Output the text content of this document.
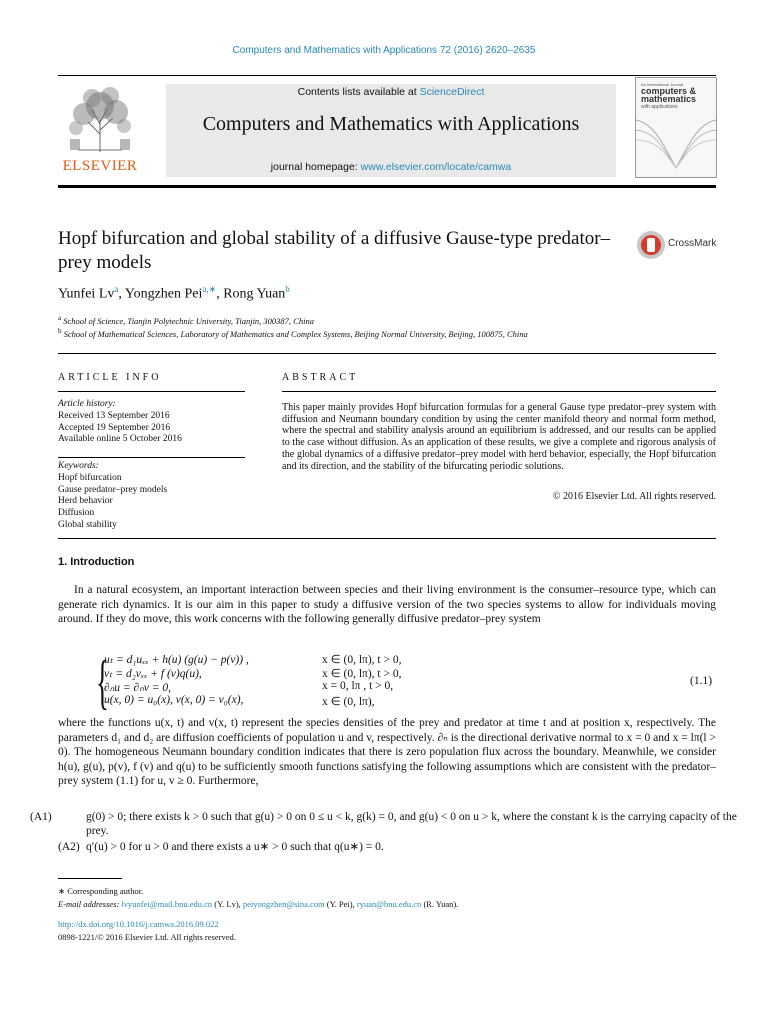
Computers and Mathematics with Applications 72 (2016) 2620–2635
ELSEVIER
Contents lists available at ScienceDirect
Computers and Mathematics with Applications
journal homepage: www.elsevier.com/locate/camwa
An International Journal
computers &
mathematics
with applications
Hopf bifurcation and global stability of a diffusive Gause-type predator–prey models
CrossMark
Yunfei Lv$^a$, Yongzhen Pei$^{a,∗}$, Rong Yuan$^b$
$^a$ School of Science, Tianjin Polytechnic University, Tianjin, 300387, China
$^b$ School of Mathematical Sciences, Laboratory of Mathematics and Complex Systems, Beijing Normal University, Beijing, 100875, China
ARTICLE INFO
Article history:
Received 13 September 2016
Accepted 19 September 2016
Available online 5 October 2016
Keywords:
Hopf bifurcation
Gause predator–prey models
Herd behavior
Diffusion
Global stability
ABSTRACT
This paper mainly provides Hopf bifurcation formulas for a general Gause type predator–prey system with diffusion and Neumann boundary condition by using the center manifold theory and normal form method, where the spectral and stability analysis around an equilibrium is addressed, and our results can be applied to the case without diffusion. As an application of these results, we give a complete and rigorous analysis of the global dynamics of a diffusive predator–prey model with herd behavior, especially, the Hopf bifurcation and its direction, and the stability of the bifurcating periodic solutions.
© 2016 Elsevier Ltd. All rights reserved.
1. Introduction
In a natural ecosystem, an important interaction between species and their living environment is the consumer–resource type, which can generate rich dynamics. It is our aim in this paper to study a diffusive version of the two species systems to allow for individuals moving around. If they do move, this work concerns with the following generally diffusive predator–prey system
{
uₜ = d₁uₓₓ + h(u) (g(u) − p(v)) ,	x ∈ (0, lπ), t > 0,
vₜ = d₂vₓₓ + f (v)q(u),	x ∈ (0, lπ), t > 0,
∂ₙu = ∂ₙv = 0,	x = 0, lπ , t > 0,
u(x, 0) = u₀(x), v(x, 0) = v₀(x),	x ∈ (0, lπ),
(1.1)
where the functions u(x, t) and v(x, t) represent the species densities of the prey and predator at time t and at position x, respectively. The parameters d₁ and d₂ are diffusion coefficients of population u and v, respectively. ∂ₙ is the directional derivative normal to x = 0 and x = lπ(l > 0). The homogeneous Neumann boundary condition indicates that there is zero population flux across the boundary. Meanwhile, we consider h(u), g(u), p(v), f (v) and q(u) to be sufficiently smooth functions satisfying the following assumptions which are consistent with the predator–prey system (1.1) for u, v ≥ 0. Furthermore,
(A1)	g(0) > 0; there exists k > 0 such that g(u) > 0 on 0 ≤ u < k, g(k) = 0, and g(u) < 0 on u > k, where the constant k is the carrying capacity of the prey.
(A2) q′(u) > 0 for u > 0 and there exists a u∗ > 0 such that q(u∗) = 0.
∗ Corresponding author.
E-mail addresses: lvyunfei@mail.bnu.edu.cn (Y. Lv), peiyongzhen@sina.com (Y. Pei), ryuan@bnu.edu.cn (R. Yuan).
http://dx.doi.org/10.1016/j.camwa.2016.09.022
0898-1221/© 2016 Elsevier Ltd. All rights reserved.
